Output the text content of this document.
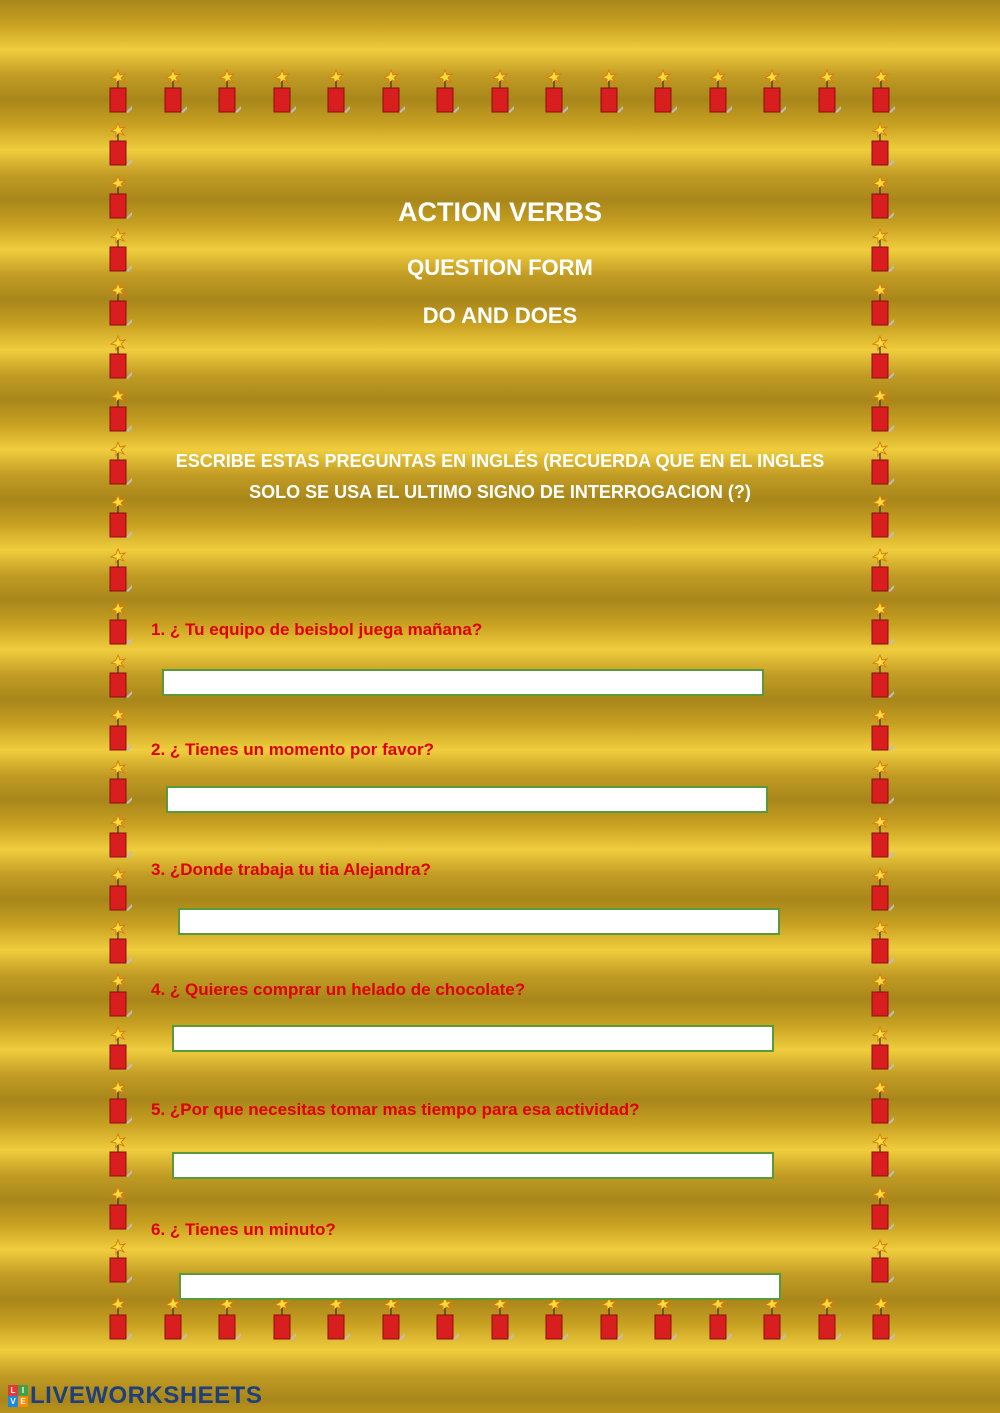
ACTION VERBS
QUESTION FORM
DO AND DOES
ESCRIBE ESTAS PREGUNTAS EN INGLÉS (RECUERDA QUE EN EL INGLES
SOLO SE USA EL ULTIMO SIGNO DE INTERROGACION (?)
1. ¿ Tu equipo de beisbol juega mañana?
2. ¿ Tienes un momento por favor?
3. ¿Donde trabaja tu tia Alejandra?
4. ¿ Quieres comprar un helado de chocolate?
5. ¿Por que necesitas tomar mas tiempo para esa actividad?
6. ¿ Tienes un minuto?
L I
V E LIVEWORKSHEETS
